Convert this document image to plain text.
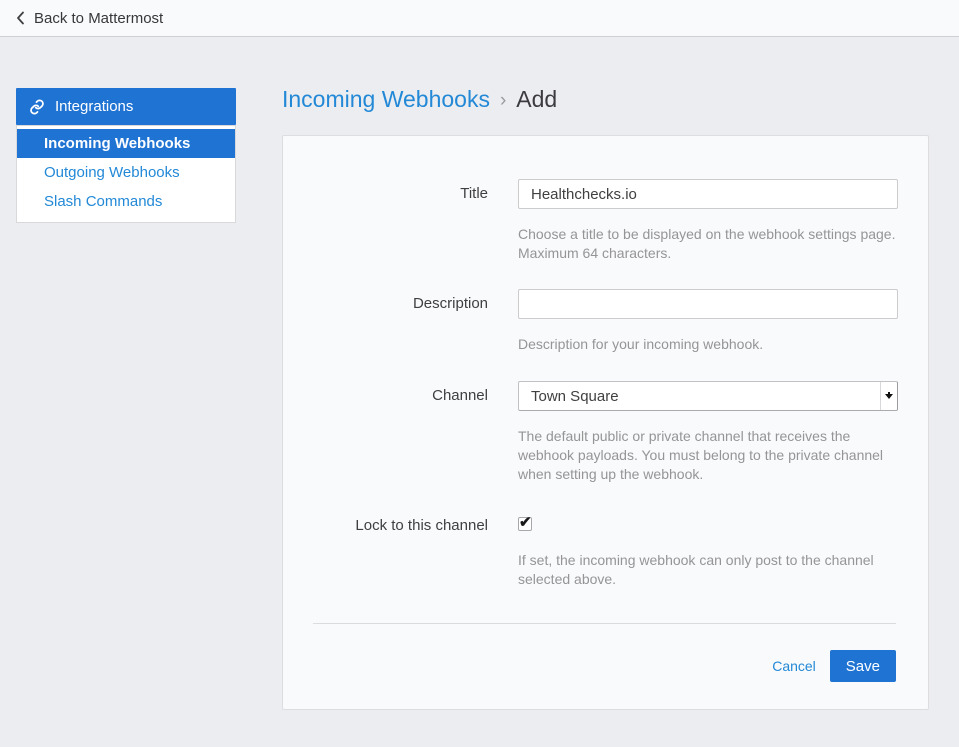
Back to Mattermost
Integrations
Incoming Webhooks
Outgoing Webhooks
Slash Commands
Incoming Webhooks › Add
Title
Healthchecks.io
Choose a title to be displayed on the webhook settings page. Maximum 64 characters.
Description
Description for your incoming webhook.
Channel	Town Square
The default public or private channel that receives the webhook payloads. You must belong to the private channel when setting up the webhook.
Lock to this channel
✔
If set, the incoming webhook can only post to the channel selected above.
Cancel	Save
